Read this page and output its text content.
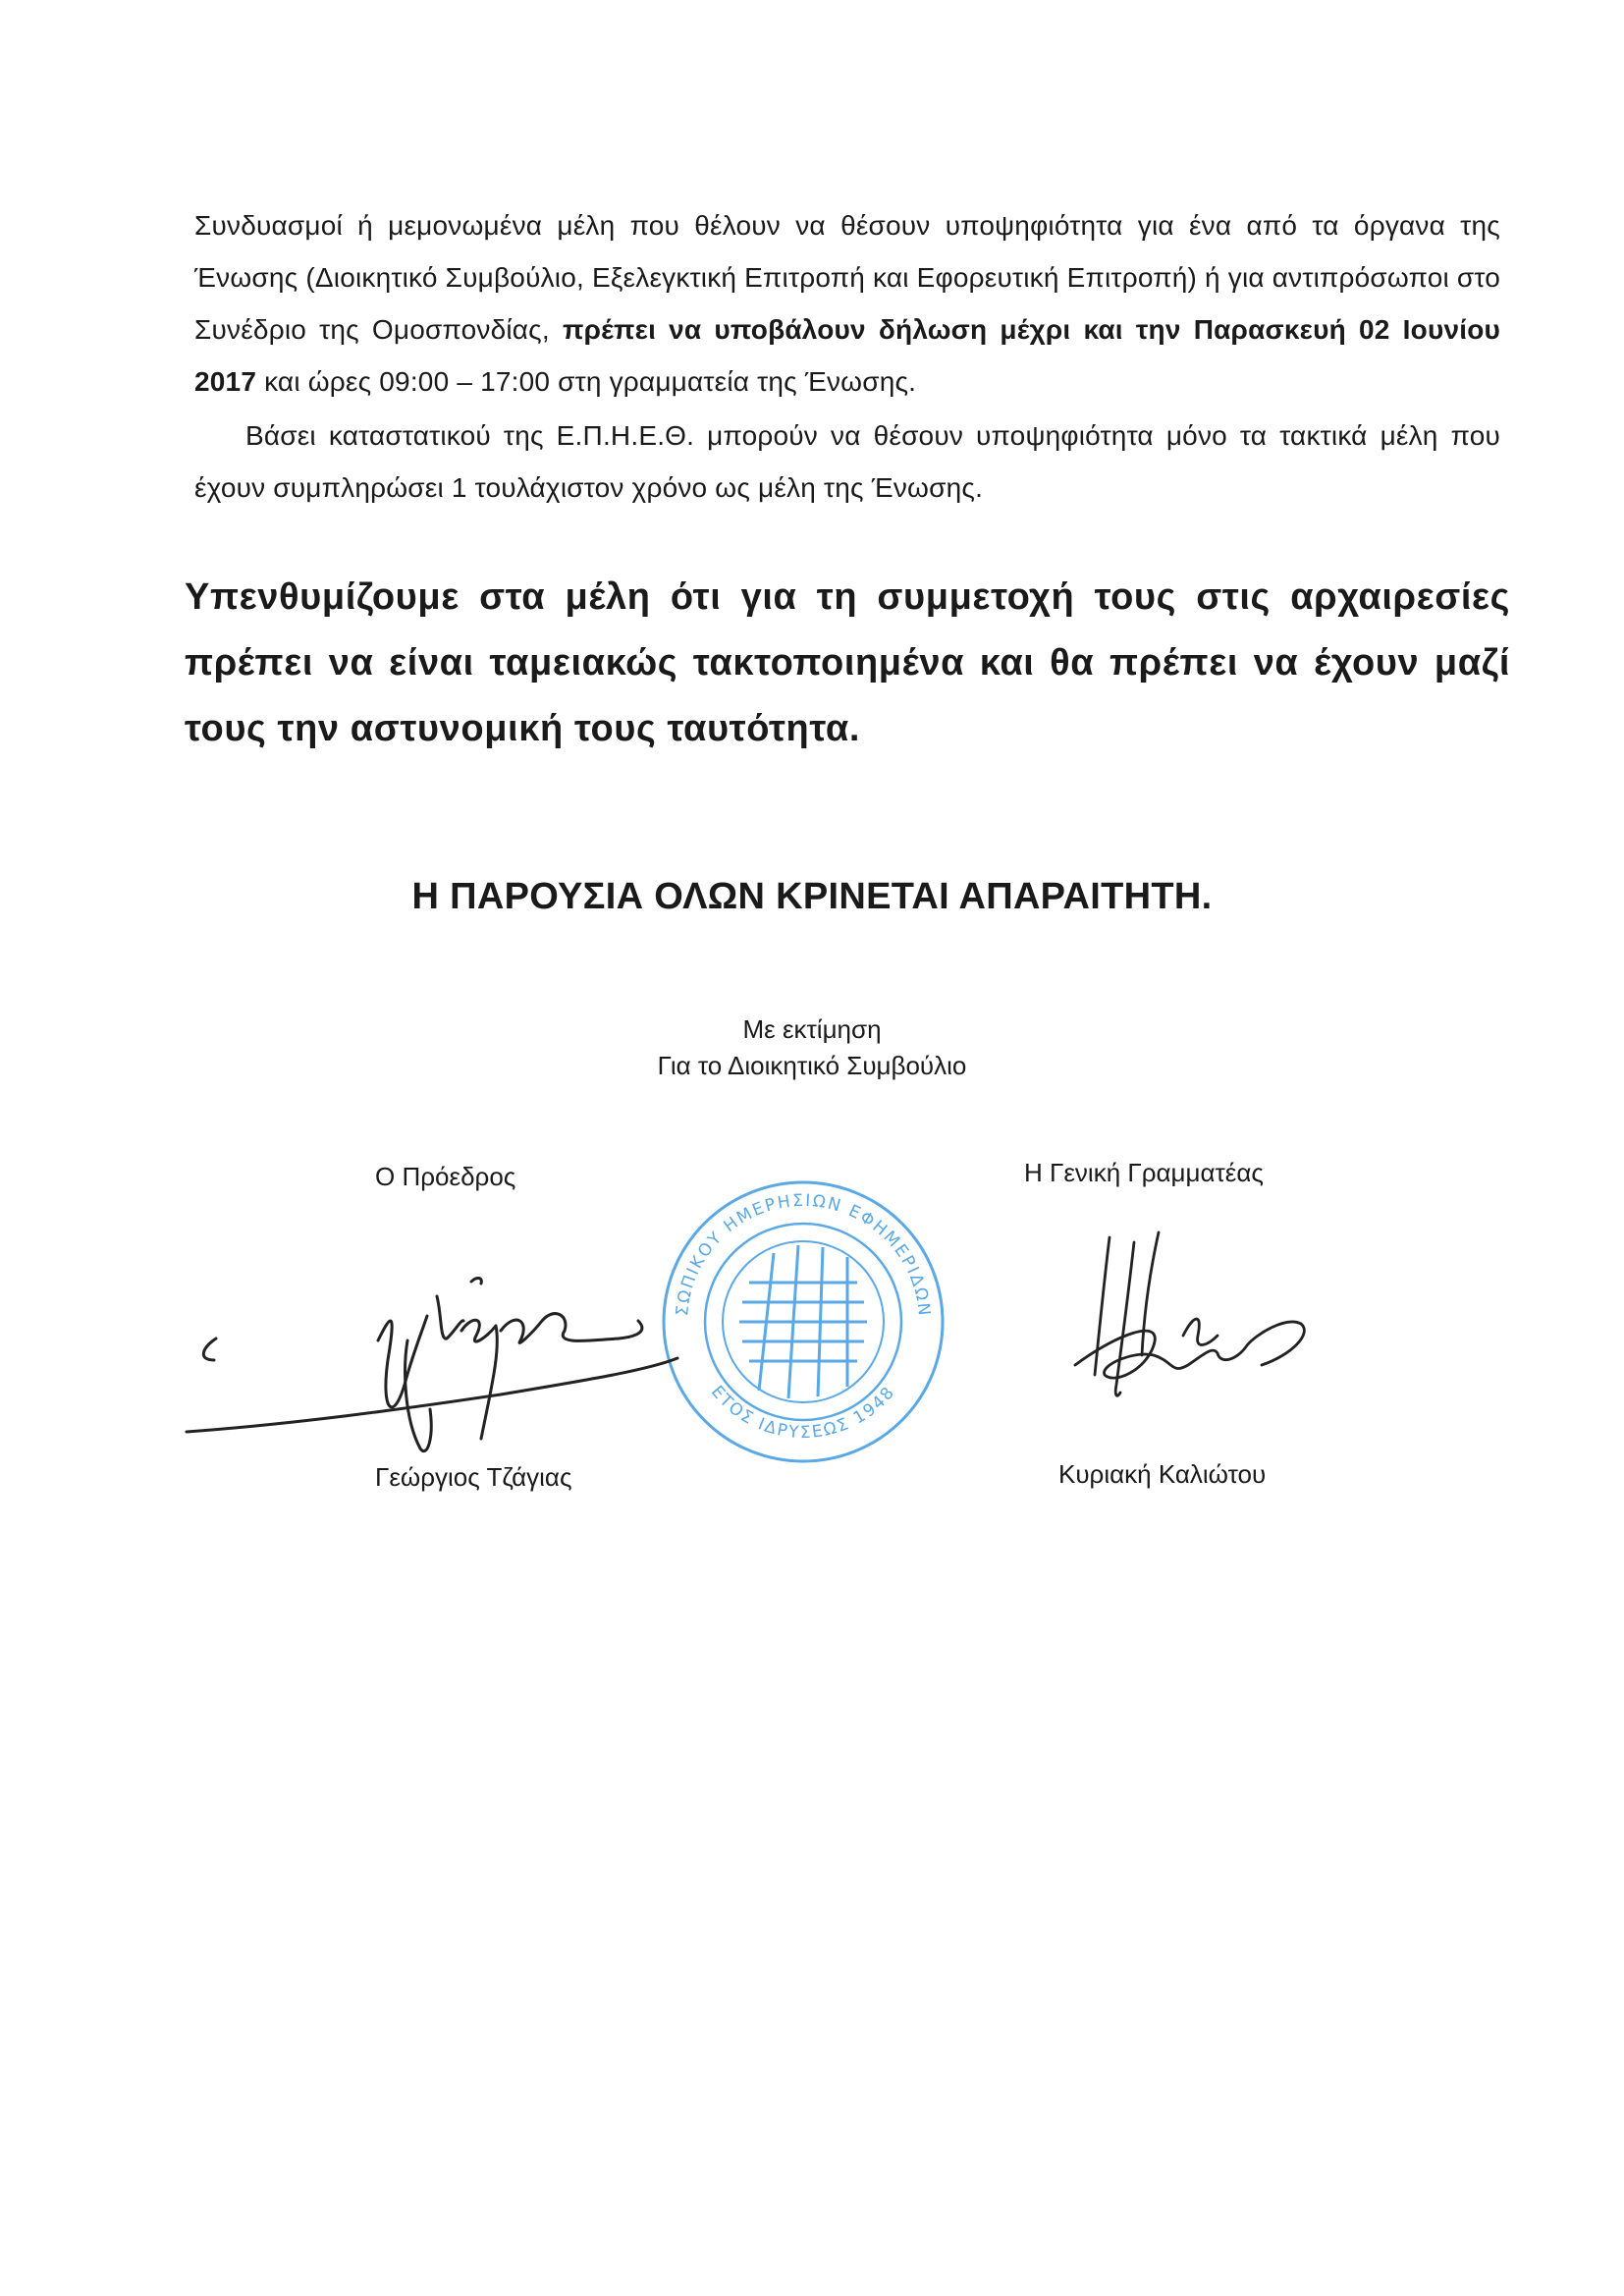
Συνδυασμοί ή μεμονωμένα μέλη που θέλουν να θέσουν υποψηφιότητα για ένα από τα όργανα της Ένωσης (Διοικητικό Συμβούλιο, Εξελεγκτική Επιτροπή και Εφορευτική Επιτροπή) ή για αντιπρόσωποι στο Συνέδριο της Ομοσπονδίας, πρέπει να υποβάλουν δήλωση μέχρι και την Παρασκευή 02 Ιουνίου 2017 και ώρες 09:00 – 17:00 στη γραμματεία της Ένωσης.
Βάσει καταστατικού της Ε.Π.Η.Ε.Θ. μπορούν να θέσουν υποψηφιότητα μόνο τα τακτικά μέλη που έχουν συμπληρώσει 1 τουλάχιστον χρόνο ως μέλη της Ένωσης.
Υπενθυμίζουμε στα μέλη ότι για τη συμμετοχή τους στις αρχαιρεσίες πρέπει να είναι ταμειακώς τακτοποιημένα και θα πρέπει να έχουν μαζί τους την αστυνομική τους ταυτότητα.
Η ΠΑΡΟΥΣΙΑ ΟΛΩΝ ΚΡΙΝΕΤΑΙ ΑΠΑΡΑΙΤΗΤΗ.
Με εκτίμηση
Για το Διοικητικό Συμβούλιο
Ο Πρόεδρος	Η Γενική Γραμματέας
ΕΝΩΣΗ ΠΡΟΣΩΠΙΚΟΥ ΗΜΕΡΗΣΙΩΝ ΕΦΗΜΕΡΙΔΩΝ ΘΕΣ/ΝΙΚΗΣ
ΕΤΟΣ ΙΔΡΥΣΕΩΣ 1948
Γεώργιος Τζάγιας	Κυριακή Καλιώτου
